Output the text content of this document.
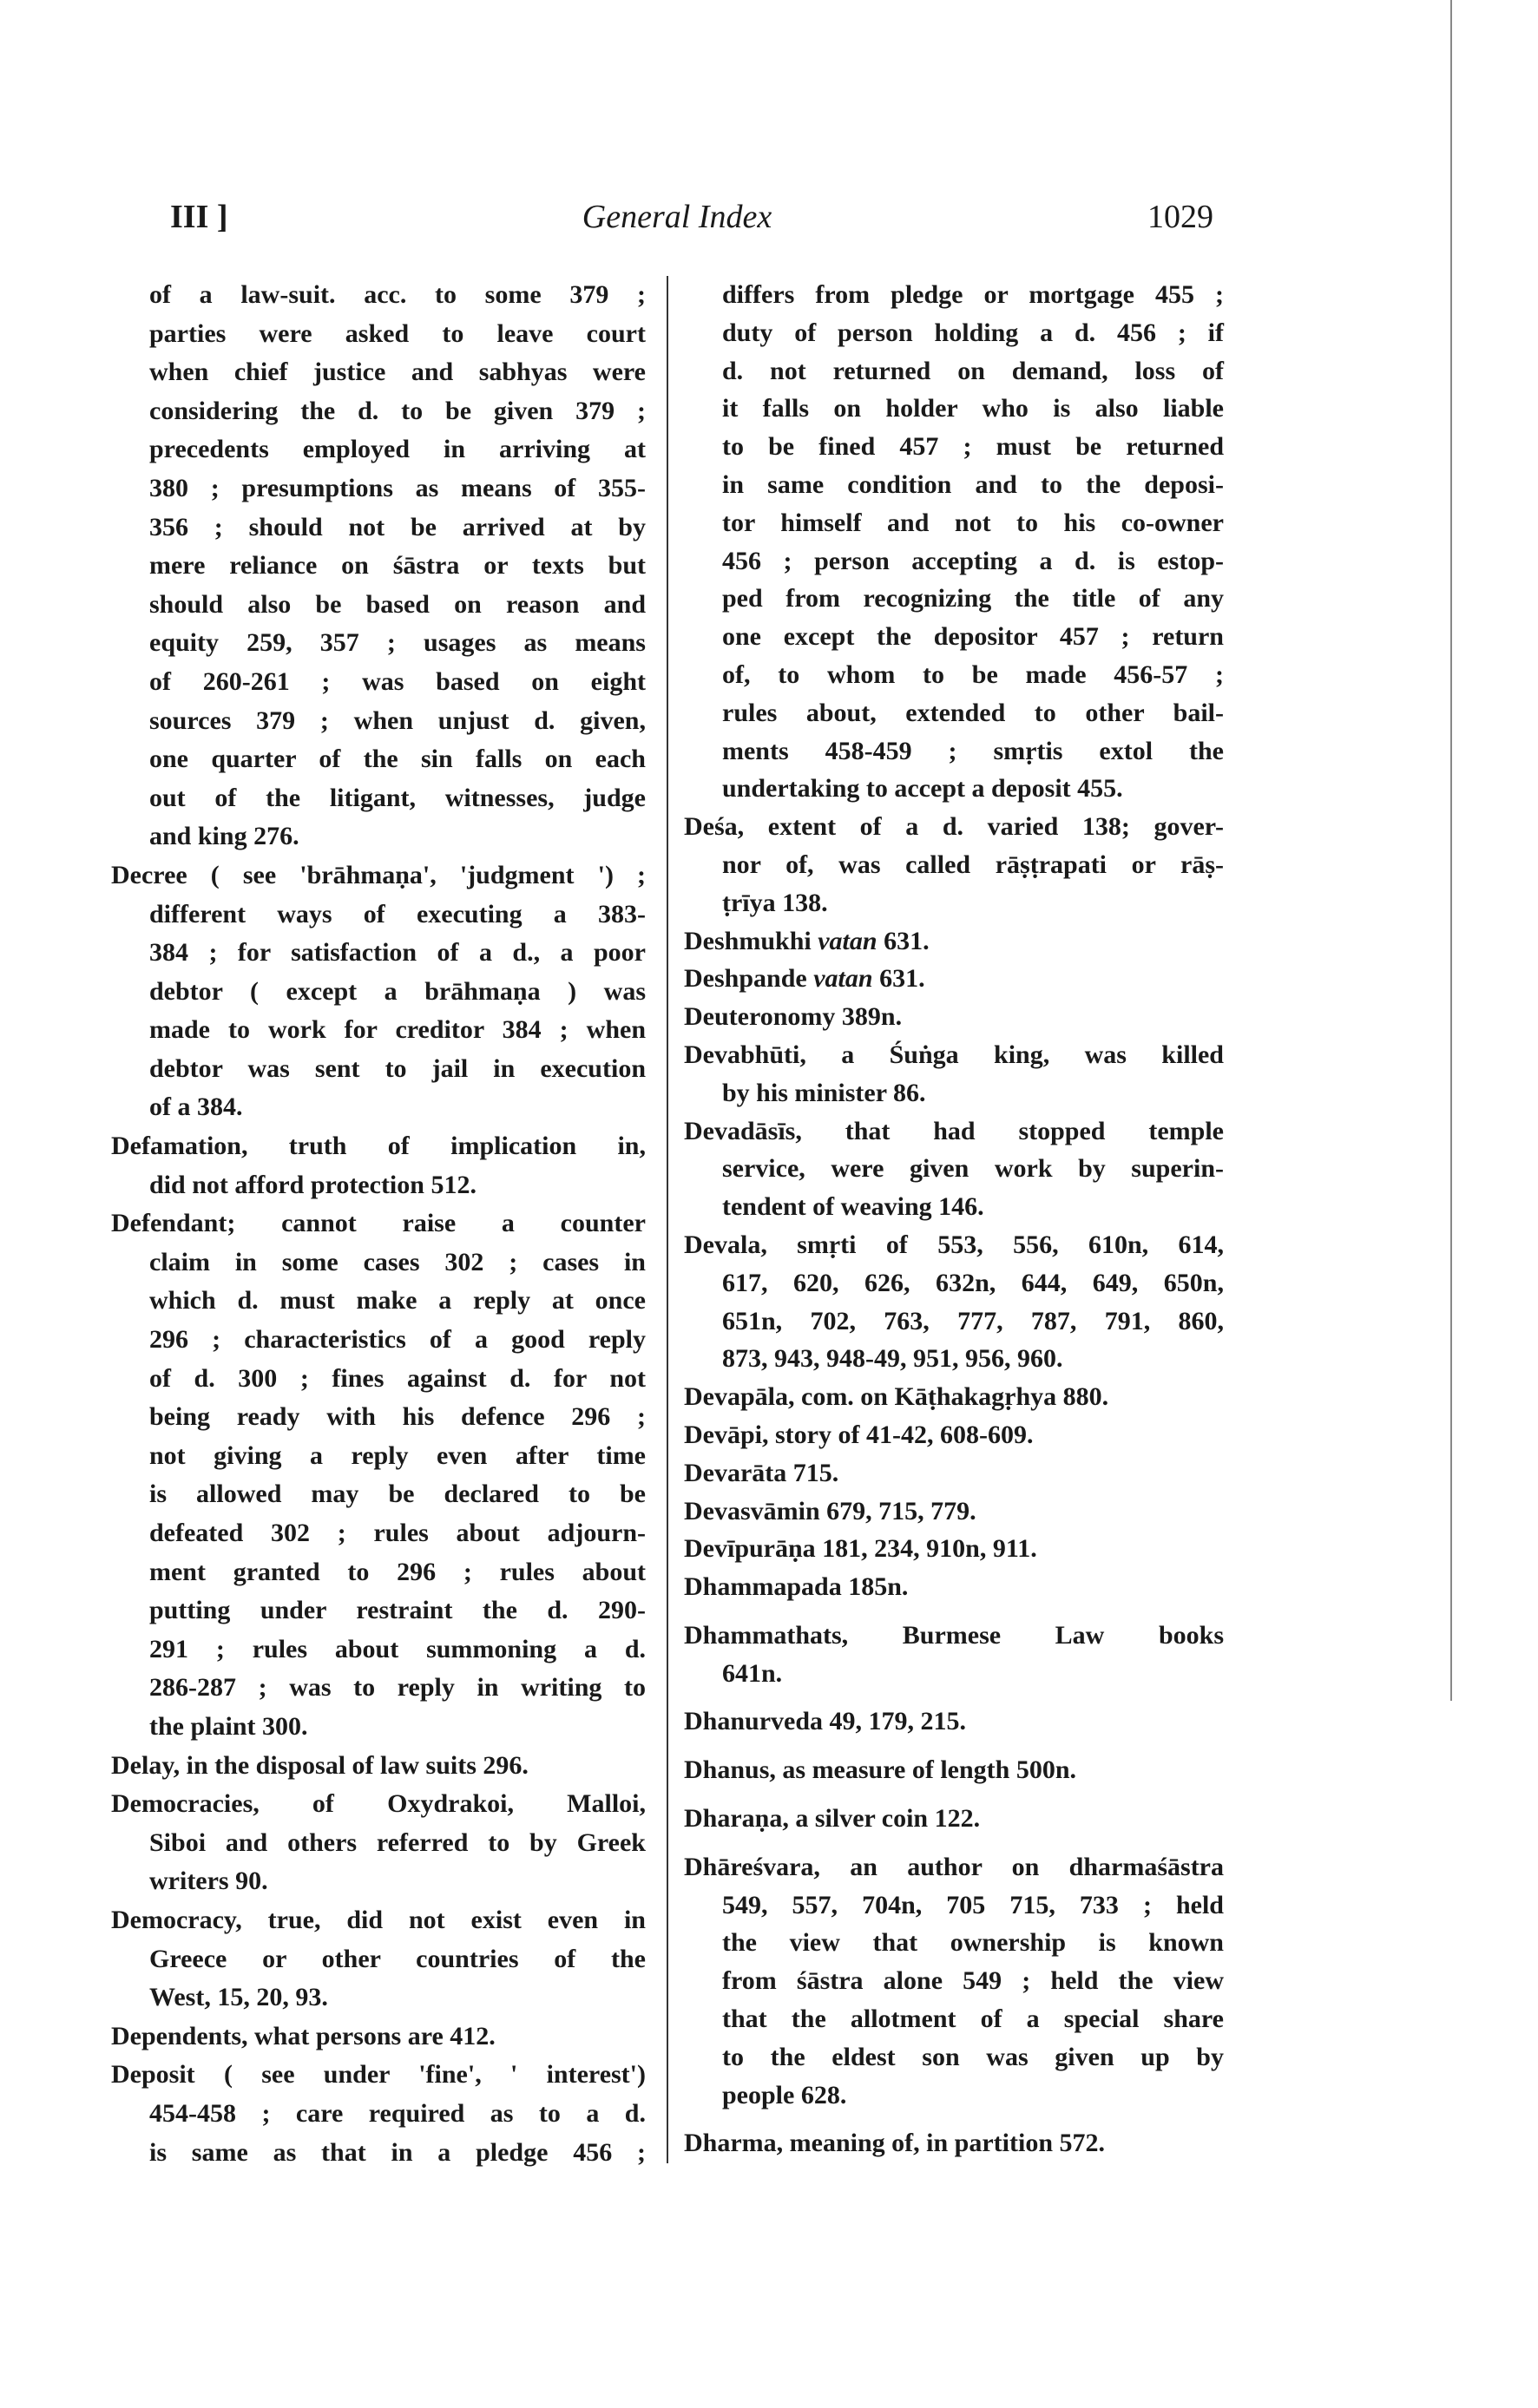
III ]	General Index	1029
of a law-suit. acc. to some 379 ;
parties were asked to leave court
when chief justice and sabhyas were
considering the d. to be given 379 ;
precedents employed in arriving at
380 ; presumptions as means of 355-
356 ; should not be arrived at by
mere reliance on śāstra or texts but
should also be based on reason and
equity 259, 357 ; usages as means
of 260-261 ; was based on eight
sources 379 ; when unjust d. given,
one quarter of the sin falls on each
out of the litigant, witnesses, judge
and king 276.
Decree ( see 'brāhmaṇa', 'judgment ') ;
different ways of executing a 383-
384 ; for satisfaction of a d., a poor
debtor ( except a brāhmaṇa ) was
made to work for creditor 384 ; when
debtor was sent to jail in execution
of a 384.
Defamation, truth of implication in,
did not afford protection 512.
Defendant; cannot raise a counter
claim in some cases 302 ; cases in
which d. must make a reply at once
296 ; characteristics of a good reply
of d. 300 ; fines against d. for not
being ready with his defence 296 ;
not giving a reply even after time
is allowed may be declared to be
defeated 302 ; rules about adjourn-
ment granted to 296 ; rules about
putting under restraint the d. 290-
291 ; rules about summoning a d.
286-287 ; was to reply in writing to
the plaint 300.
Delay, in the disposal of law suits 296.
Democracies, of Oxydrakoi, Malloi,
Siboi and others referred to by Greek
writers 90.
Democracy, true, did not exist even in
Greece or other countries of the
West, 15, 20, 93.
Dependents, what persons are 412.
Deposit ( see under 'fine', ' interest')
454-458 ; care required as to a d.
is same as that in a pledge 456 ;
differs from pledge or mortgage 455 ;
duty of person holding a d. 456 ; if
d. not returned on demand, loss of
it falls on holder who is also liable
to be fined 457 ; must be returned
in same condition and to the deposi-
tor himself and not to his co-owner
456 ; person accepting a d. is estop-
ped from recognizing the title of any
one except the depositor 457 ; return
of, to whom to be made 456-57 ;
rules about, extended to other bail-
ments 458-459 ; smṛtis extol the
undertaking to accept a deposit 455.
Deśa, extent of a d. varied 138; gover-
nor of, was called rāṣṭrapati or rāṣ-
ṭrīya 138.
Deshmukhi vatan 631.
Deshpande vatan 631.
Deuteronomy 389n.
Devabhūti, a Śuṅga king, was killed
by his minister 86.
Devadāsīs, that had stopped temple
service, were given work by superin-
tendent of weaving 146.
Devala, smṛti of 553, 556, 610n, 614,
617, 620, 626, 632n, 644, 649, 650n,
651n, 702, 763, 777, 787, 791, 860,
873, 943, 948-49, 951, 956, 960.
Devapāla, com. on Kāṭhakagṛhya 880.
Devāpi, story of 41-42, 608-609.
Devarāta 715.
Devasvāmin 679, 715, 779.
Devīpurāṇa 181, 234, 910n, 911.
Dhammapada 185n.
Dhammathats, Burmese Law books
641n.
Dhanurveda 49, 179, 215.
Dhanus, as measure of length 500n.
Dharaṇa, a silver coin 122.
Dhāreśvara, an author on dharmaśāstra
549, 557, 704n, 705 715, 733 ; held
the view that ownership is known
from śāstra alone 549 ; held the view
that the allotment of a special share
to the eldest son was given up by
people 628.
Dharma, meaning of, in partition 572.
